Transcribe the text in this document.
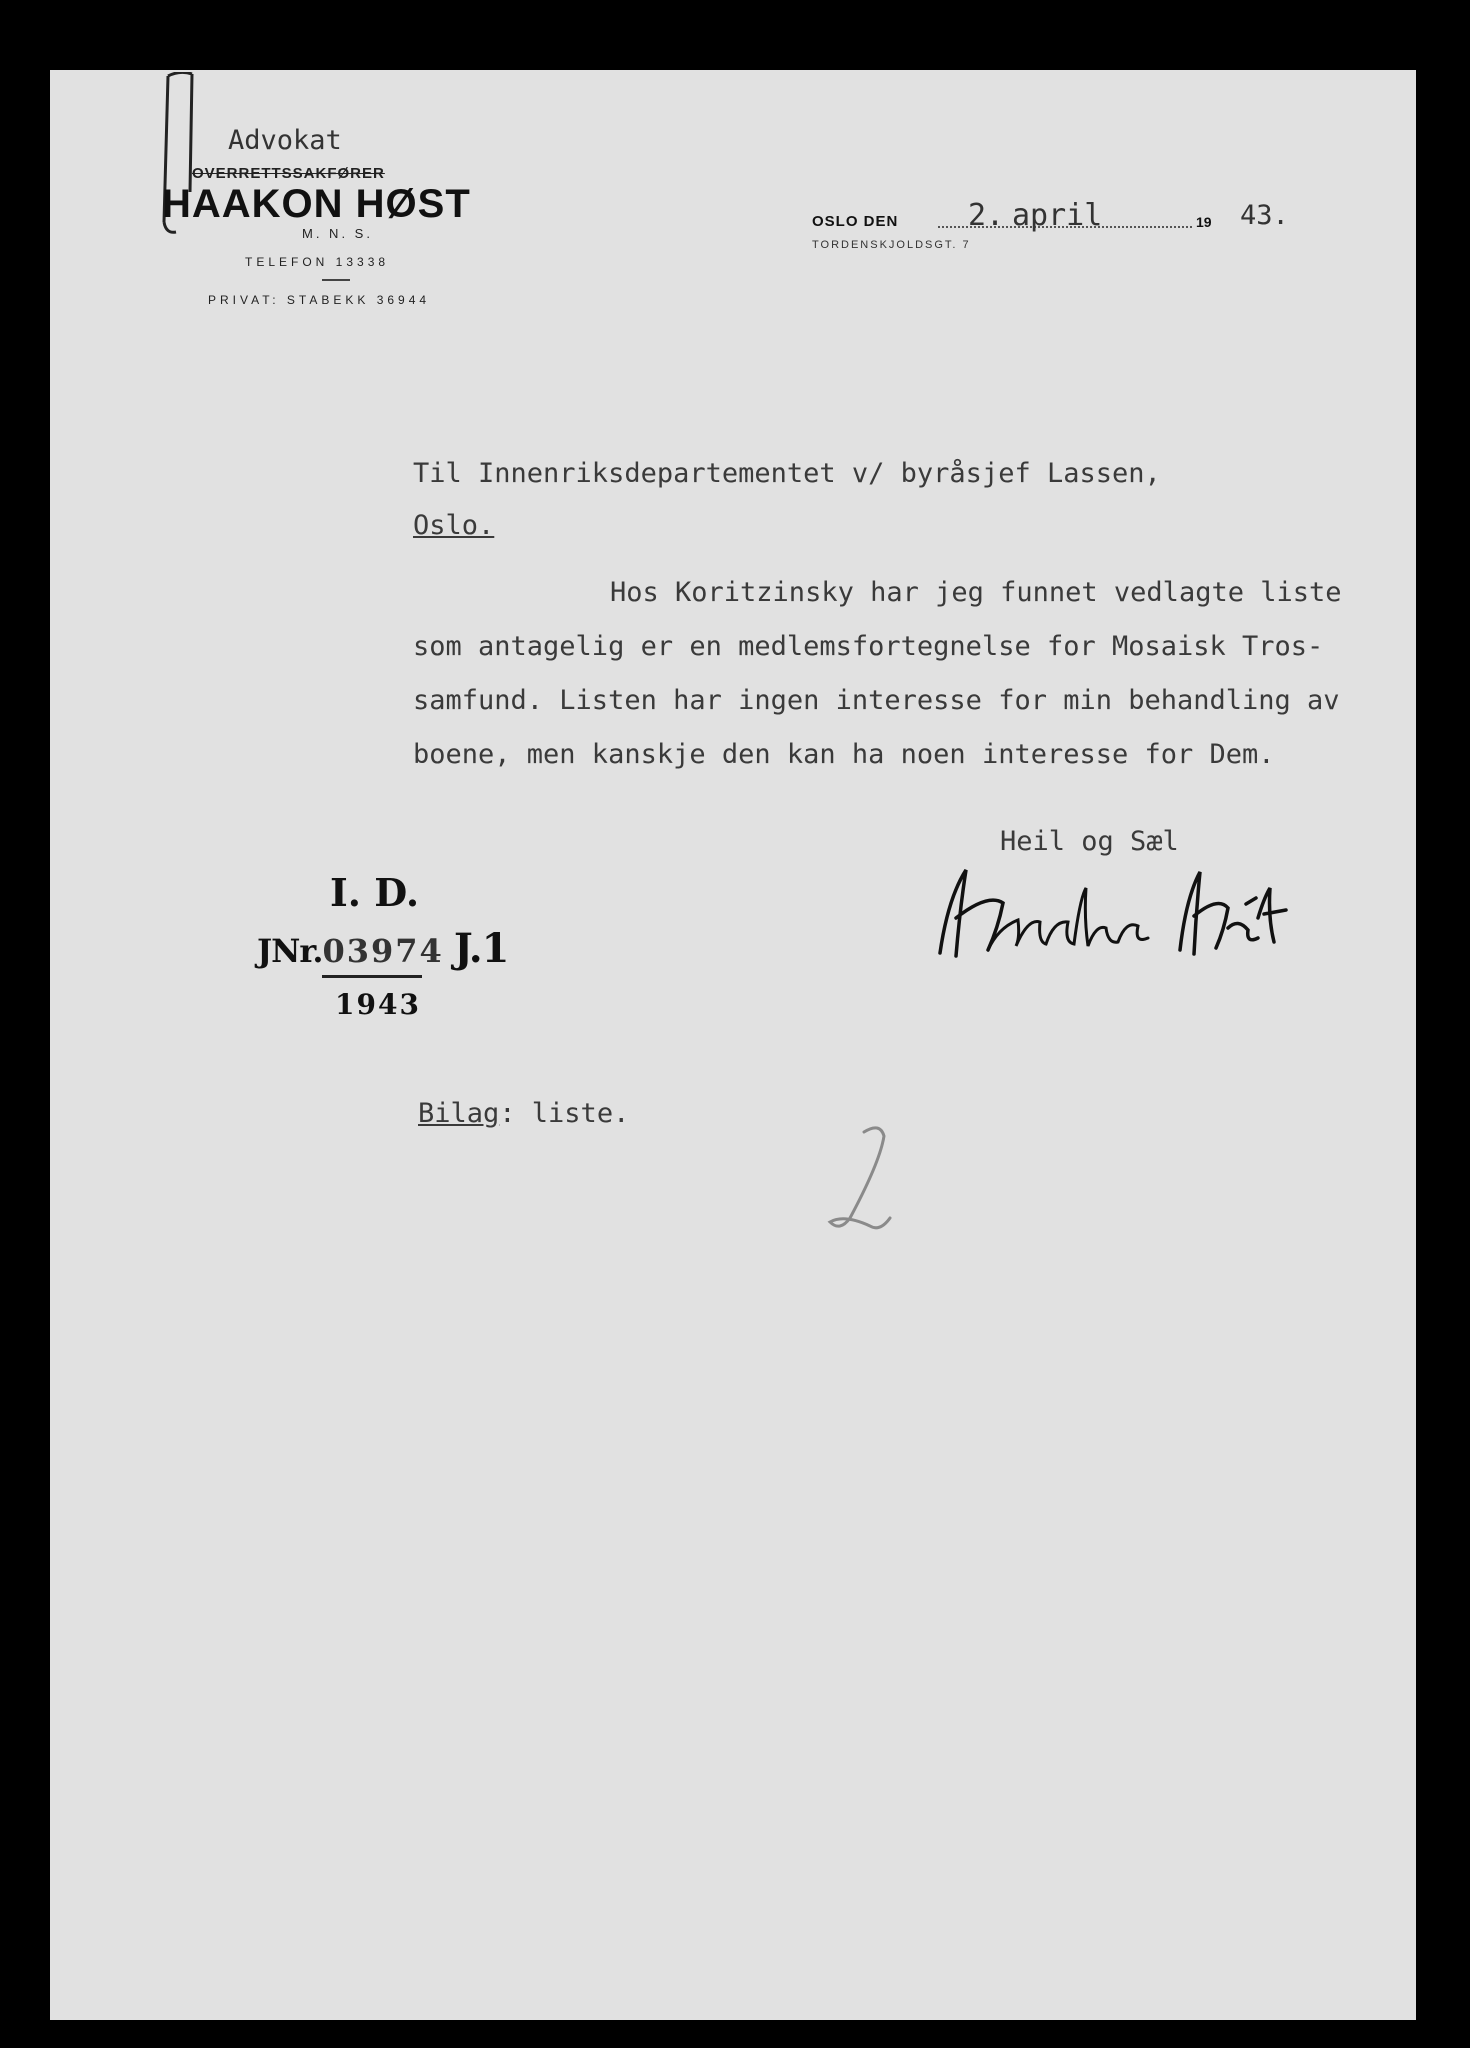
Advokat
OVERRETTSSAKFØRER
HAAKON HØST
M. N. S.
TELEFON 13338
PRIVAT: STABEKK 36944
OSLO DEN 2. april	19 43.
TORDENSKJOLDSGT. 7
Til Innenriksdepartementet v/ byråsjef Lassen,
Oslo.

Hos Koritzinsky har jeg funnet vedlagte liste

som antagelig er en medlemsfortegnelse for Mosaisk Tros-

samfund. Listen har ingen interesse for min behandling av

boene, men kanskje den kan ha noen interesse for Dem.

Heil og Sæl
I. D.
JNr.03974 J.1
1943
Bilag: liste.
